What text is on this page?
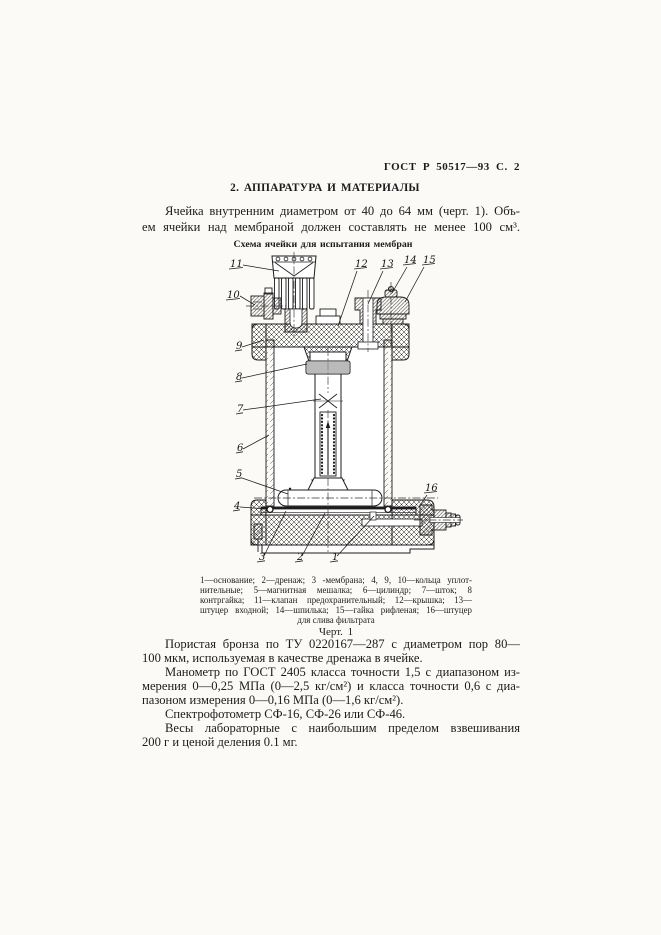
ГОСТ Р 50517—93 С. 2
2. АППАРАТУРА И МАТЕРИАЛЫ
Ячейка внутренним диаметром от 40 до 64 мм (черт. 1). Объ-
ем ячейки над мембраной должен составлять не менее 100 см³.
Схема ячейки для испытания мембран
11
10
9
8
7
6
5
4
3	2	1
12 13 14 15
16
1—основание; 2—дренаж; 3 -мембрана; 4, 9, 10—кольца уплот-
нительные; 5—магнитная мешалка; 6—цилиндр; 7—шток; 8
контргайка; 11—клапан предохранительный; 12—крышка; 13—
штуцер входной; 14—шпилька; 15—гайка рифленая; 16—штуцер
для слива фильтрата
Черт. 1
Пористая бронза по ТУ 0220167—287 с диаметром пор 80—
100 мкм, используемая в качестве дренажа в ячейке.
Манометр по ГОСТ 2405 класса точности 1,5 с диапазоном из-
мерения 0—0,25 МПа (0—2,5 кг/см²) и класса точности 0,6 с диа-
пазоном измерения 0—0,16 МПа (0—1,6 кг/см²).
Спектрофотометр СФ-16, СФ-26 или СФ-46.
Весы лабораторные с наибольшим пределом взвешивания
200 г и ценой деления 0.1 мг.
